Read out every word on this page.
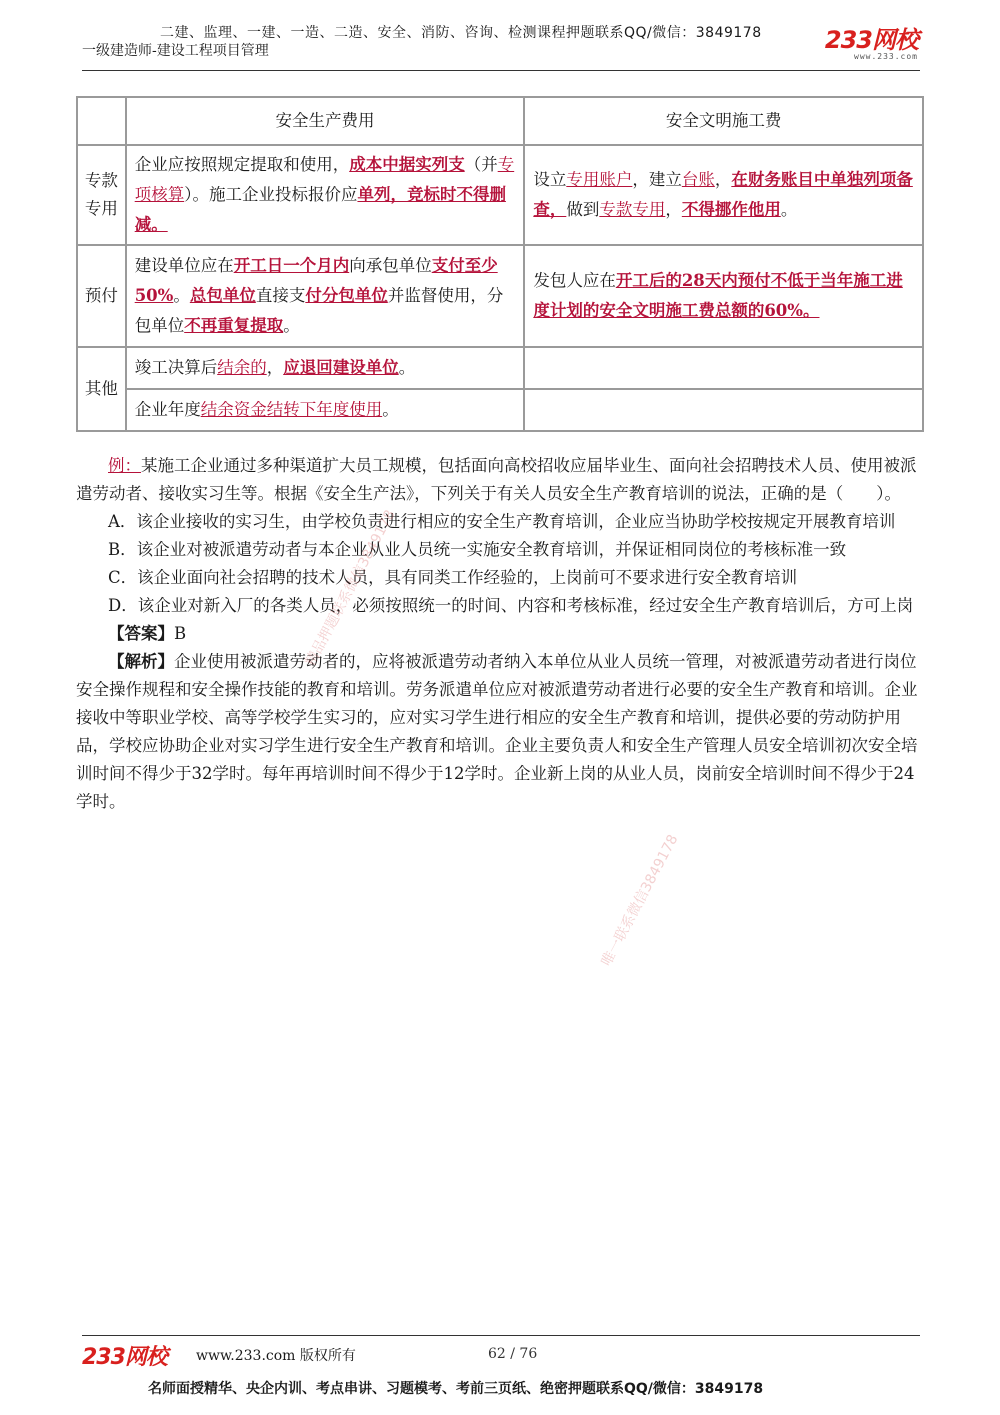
二建、监理、一建、一造、二造、安全、消防、咨询、检测课程押题联系QQ/微信：3849178
一级建造师-建设工程项目管理	233网校
www.233.com
	安全生产费用	安全文明施工费
专款专用	企业应按照规定提取和使用，成本中据实列支（并专项核算）。施工企业投标报价应单列，竞标时不得删减。	设立专用账户，建立台账，在财务账目中单独列项备查，做到专款专用，不得挪作他用。
预付	建设单位应在开工日一个月内向承包单位支付至少50%。总包单位直接支付分包单位并监督使用，分包单位不再重复提取。	发包人应在开工后的28天内预付不低于当年施工进度计划的安全文明施工费总额的60%。
其他	竣工决算后结余的，应退回建设单位。	
	企业年度结余资金结转下年度使用。	

例：某施工企业通过多种渠道扩大员工规模，包括面向高校招收应届毕业生、面向社会招聘技术人员、使用被派遣劳动者、接收实习生等。根据《安全生产法》，下列关于有关人员安全生产教育培训的说法，正确的是（　　）。

A．该企业接收的实习生，由学校负责进行相应的安全生产教育培训，企业应当协助学校按规定开展教育培训

B．该企业对被派遣劳动者与本企业从业人员统一实施安全教育培训，并保证相同岗位的考核标准一致

C．该企业面向社会招聘的技术人员，具有同类工作经验的，上岗前可不要求进行安全教育培训

D．该企业对新入厂的各类人员，必须按照统一的时间、内容和考核标准，经过安全生产教育培训后，方可上岗

【答案】B

【解析】企业使用被派遣劳动者的，应将被派遣劳动者纳入本单位从业人员统一管理，对被派遣劳动者进行岗位安全操作规程和安全操作技能的教育和培训。劳务派遣单位应对被派遣劳动者进行必要的安全生产教育和培训。企业接收中等职业学校、高等学校学生实习的，应对实习学生进行相应的安全生产教育和培训，提供必要的劳动防护用品，学校应协助企业对实习学生进行安全生产教育和培训。企业主要负责人和安全生产管理人员安全培训初次安全培训时间不得少于32学时。每年再培训时间不得少于12学时。企业新上岗的从业人员，岗前安全培训时间不得少于24学时。

精品押题联系微信3849178
唯一联系微信3849178
233网校 www.233.com 版权所有	62 / 76
名师面授精华、央企内训、考点串讲、习题模考、考前三页纸、绝密押题联系QQ/微信：3849178
